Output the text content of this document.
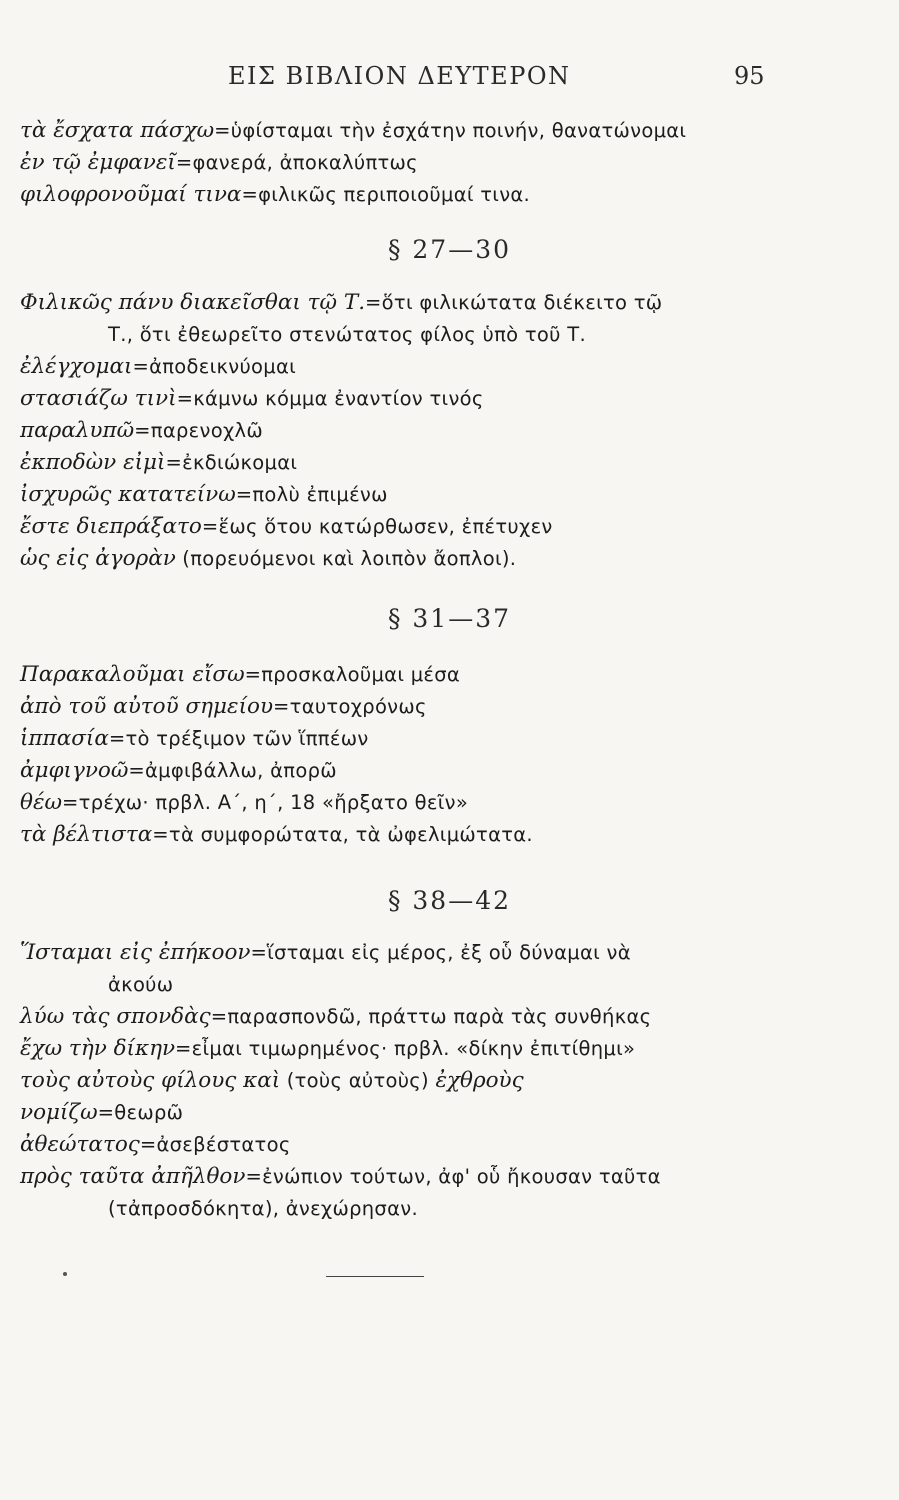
ΕΙΣ ΒΙΒΛΙΟΝ ΔΕΥΤΕΡΟΝ	95
τὰ ἔσχατα πάσχω=ὑφίσταμαι τὴν ἐσχάτην ποινήν, θανατώνομαι
ἐν τῷ ἐμφανεῖ=φανερά, ἀποκαλύπτως
φιλοφρονοῦμαί τινα=φιλικῶς περιποιοῦμαί τινα.
§ 27—30
Φιλικῶς πάνυ διακεῖσθαι τῷ Τ.=ὅτι φιλικώτατα διέκειτο τῷ
Τ., ὅτι ἐθεωρεῖτο στενώτατος φίλος ὑπὸ τοῦ Τ.
ἐλέγχομαι=ἀποδεικνύομαι
στασιάζω τινὶ=κάμνω κόμμα ἐναντίον τινός
παραλυπῶ=παρενοχλῶ
ἐκποδὼν εἰμὶ=ἐκδιώκομαι
ἰσχυρῶς κατατείνω=πολὺ ἐπιμένω
ἔστε διεπράξατο=ἕως ὅτου κατώρθωσεν, ἐπέτυχεν
ὡς εἰς ἀγορὰν (πορευόμενοι καὶ λοιπὸν ἄοπλοι).
§ 31—37
Παρακαλοῦμαι εἴσω=προσκαλοῦμαι μέσα
ἀπὸ τοῦ αὐτοῦ σημείου=ταυτοχρόνως
ἱππασία=τὸ τρέξιμον τῶν ἵππέων
ἀμφιγνοῶ=ἀμφιβάλλω, ἀπορῶ
θέω=τρέχω· πρβλ. Α΄, η΄, 18 «ἤρξατο θεῖν»
τὰ βέλτιστα=τὰ συμφορώτατα, τὰ ὠφελιμώτατα.
§ 38—42
Ἵσταμαι εἰς ἐπήκοον=ἵσταμαι εἰς μέρος, ἐξ οὗ δύναμαι νὰ
ἀκούω
λύω τὰς σπονδὰς=παρασπονδῶ, πράττω παρὰ τὰς συνθήκας
ἔχω τὴν δίκην=εἶμαι τιμωρημένος· πρβλ. «δίκην ἐπιτίθημι»
τοὺς αὐτοὺς φίλους καὶ (τοὺς αὐτοὺς) ἐχθροὺς
νομίζω=θεωρῶ
ἀθεώτατος=ἀσεβέστατος
πρὸς ταῦτα ἀπῆλθον=ἐνώπιον τούτων, ἀφ' οὗ ἤκουσαν ταῦτα
(τἀπροσδόκητα), ἀνεχώρησαν.
